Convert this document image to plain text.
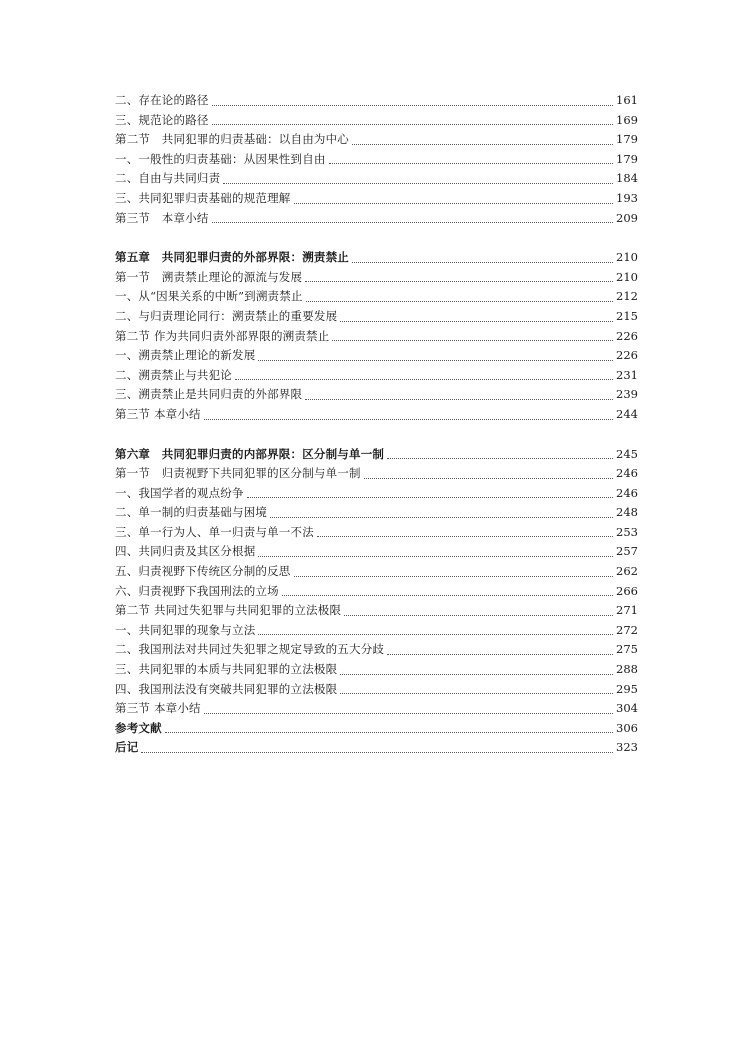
二、存在论的路径	161
三、规范论的路径	169
第二节　共同犯罪的归责基础：以自由为中心	179
一、一般性的归责基础：从因果性到自由	179
二、自由与共同归责	184
三、共同犯罪归责基础的规范理解	193
第三节　本章小结	209
第五章　共同犯罪归责的外部界限：溯责禁止	210
第一节　溯责禁止理论的源流与发展	210
一、从“因果关系的中断”到溯责禁止	212
二、与归责理论同行：溯责禁止的重要发展	215
第二节 作为共同归责外部界限的溯责禁止	226
一、溯责禁止理论的新发展	226
二、溯责禁止与共犯论	231
三、溯责禁止是共同归责的外部界限	239
第三节 本章小结	244
第六章　共同犯罪归责的内部界限：区分制与单一制	245
第一节　归责视野下共同犯罪的区分制与单一制	246
一、我国学者的观点纷争	246
二、单一制的归责基础与困境	248
三、单一行为人、单一归责与单一不法	253
四、共同归责及其区分根据	257
五、归责视野下传统区分制的反思	262
六、归责视野下我国刑法的立场	266
第二节 共同过失犯罪与共同犯罪的立法极限	271
一、共同犯罪的现象与立法	272
二、我国刑法对共同过失犯罪之规定导致的五大分歧	275
三、共同犯罪的本质与共同犯罪的立法极限	288
四、我国刑法没有突破共同犯罪的立法极限	295
第三节 本章小结	304
参考文献	306
后记	323
